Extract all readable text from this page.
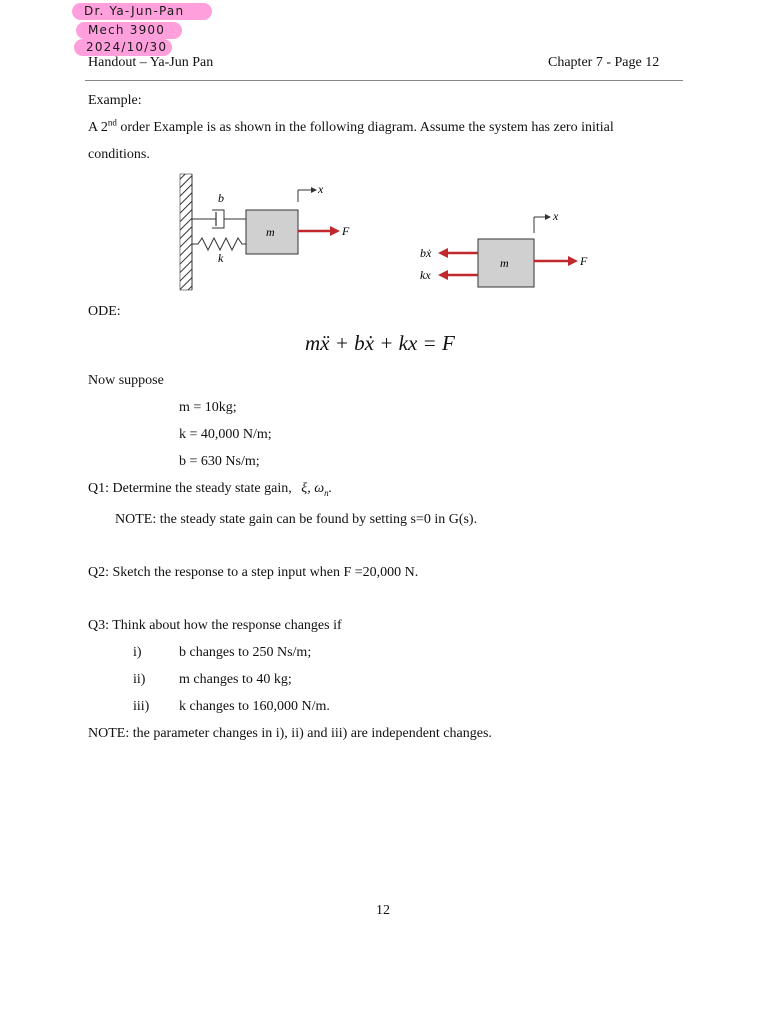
Dr. Ya-Jun-Pan
Mech 3900
2024/10/30
Handout – Ya-Jun Pan	Chapter 7 - Page 12
Example:
A 2nd order Example is as shown in the following diagram. Assume the system has zero initial
conditions.
b
k
m
x
F
m
x
F
bẋ
kx
ODE:
mẍ + bẋ + kx = F
Now suppose
m = 10kg;
k = 40,000 N/m;
b = 630 Ns/m;
Q1: Determine the steady state gain, ξ, $\omega_n$.
NOTE: the steady state gain can be found by setting s=0 in G(s).
Q2: Sketch the response to a step input when F =20,000 N.
Q3: Think about how the response changes if
i)	b changes to 250 Ns/m;
ii) m changes to 40 kg;
iii) k changes to 160,000 N/m.
NOTE: the parameter changes in i), ii) and iii) are independent changes.
12
